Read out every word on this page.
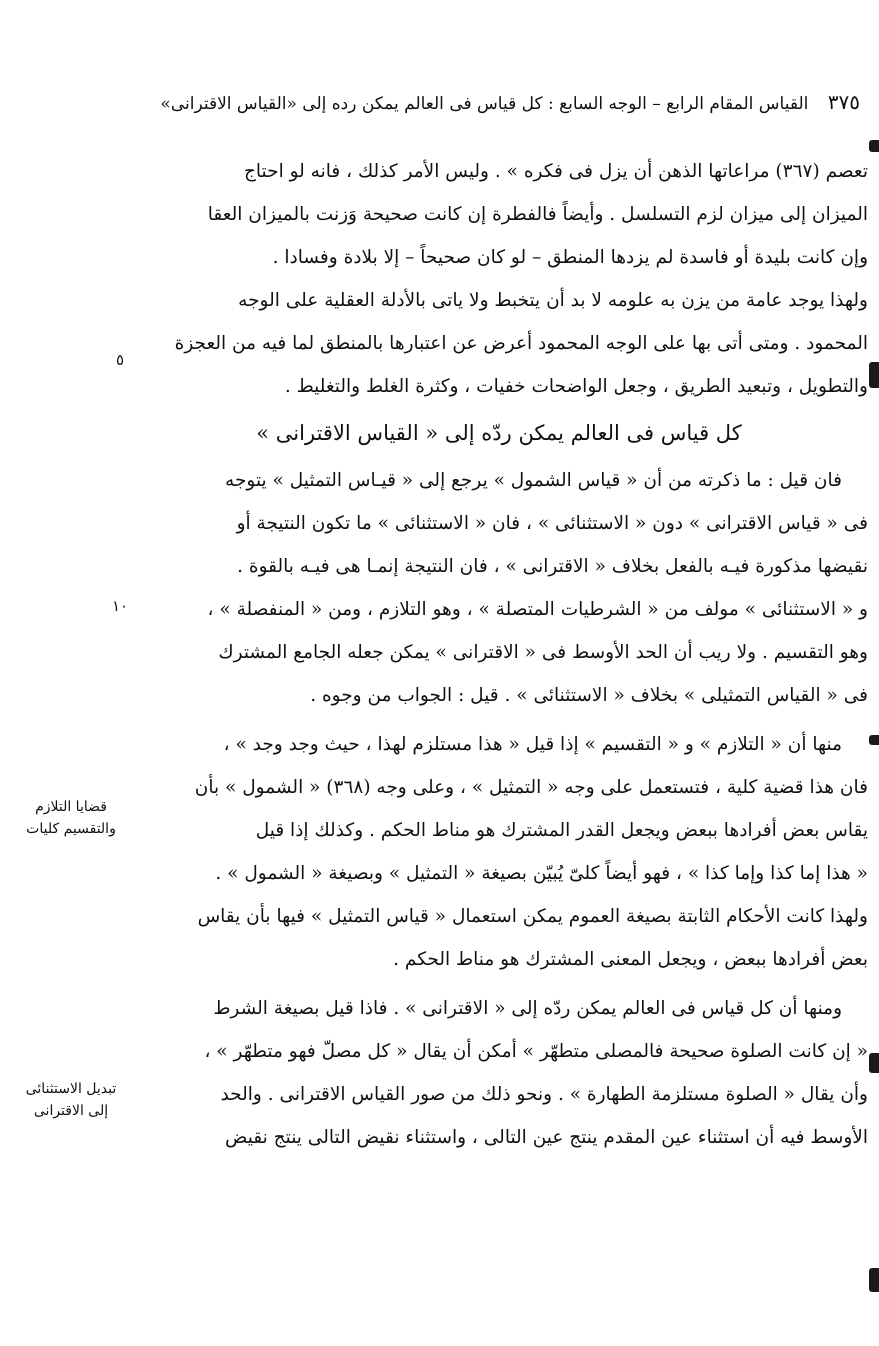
٣٧٥ القياس المقام الرابع – الوجه السابع : كل قياس فى العالم يمكن رده إلى «القياس الاقترانى»
تعصم (٣٦٧) مراعاتها الذهن أن يزل فى فكره » . وليس الأمر كذلك ، فانه لو احتاج
الميزان إلى ميزان لزم التسلسل . وأيضاً فالفطرة إن كانت صحيحة وَزنت بالميزان العقا
وإن كانت بليدة أو فاسدة لم يزدها المنطق – لو كان صحيحاً – إلا بلادة وفسادا .
ولهذا يوجد عامة من يزن به علومه لا بد أن يتخبط ولا ياتى بالأدلة العقلية على الوجه
المحمود . ومتى أتى بها على الوجه المحمود أعرض عن اعتبارها بالمنطق لما فيه من العجزة
والتطويل ، وتبعيد الطريق ، وجعل الواضحات خفيات ، وكثرة الغلط والتغليط .
كل قياس فى العالم يمكن ردّه إلى « القياس الاقترانى »
فان قيل : ما ذكرته من أن « قياس الشمول » يرجع إلى « قيـاس التمثيل » يتوجه
فى « قياس الاقترانى » دون « الاستثنائى » ، فان « الاستثنائى » ما تكون النتيجة أو
نقيضها مذكورة فيـه بالفعل بخلاف « الاقترانى » ، فان النتيجة إنمـا هى فيـه بالقوة .
و « الاستثنائى » مولف من « الشرطيات المتصلة » ، وهو التلازم ، ومن « المنفصلة » ،
وهو التقسيم . ولا ريب أن الحد الأوسط فى « الاقترانى » يمكن جعله الجامع المشترك
فى « القياس التمثيلى » بخلاف « الاستثنائى » . قيل : الجواب من وجوه .
منها أن « التلازم » و « التقسيم » إذا قيل « هذا مستلزم لهذا ، حيث وجد وجد » ،
فان هذا قضية كلية ، فتستعمل على وجه « التمثيل » ، وعلى وجه (٣٦٨) « الشمول » بأن
يقاس بعض أفرادها ببعض ويجعل القدر المشترك هو مناط الحكم . وكذلك إذا قيل
« هذا إما كذا وإما كذا » ، فهو أيضاً كلىّ يُبيّن بصيغة « التمثيل » وبصيغة « الشمول » .
ولهذا كانت الأحكام الثابتة بصيغة العموم يمكن استعمال « قياس التمثيل » فيها بأن يقاس
بعض أفرادها ببعض ، ويجعل المعنى المشترك هو مناط الحكم .
ومنها أن كل قياس فى العالم يمكن ردّه إلى « الاقترانى » . فاذا قيل بصيغة الشرط
« إن كانت الصلوة صحيحة فالمصلى متطهّر » أمكن أن يقال « كل مصلّ فهو متطهّر » ،
وأن يقال « الصلوة مستلزمة الطهارة » . ونحو ذلك من صور القياس الاقترانى . والحد
الأوسط فيه أن استثناء عين المقدم ينتج عين التالى ، واستثناء نقيض التالى ينتج نقيض
٥
١٠
قضايا التلازم والتقسيم كليات
تبديل الاستثنائى إلى الاقترانى
